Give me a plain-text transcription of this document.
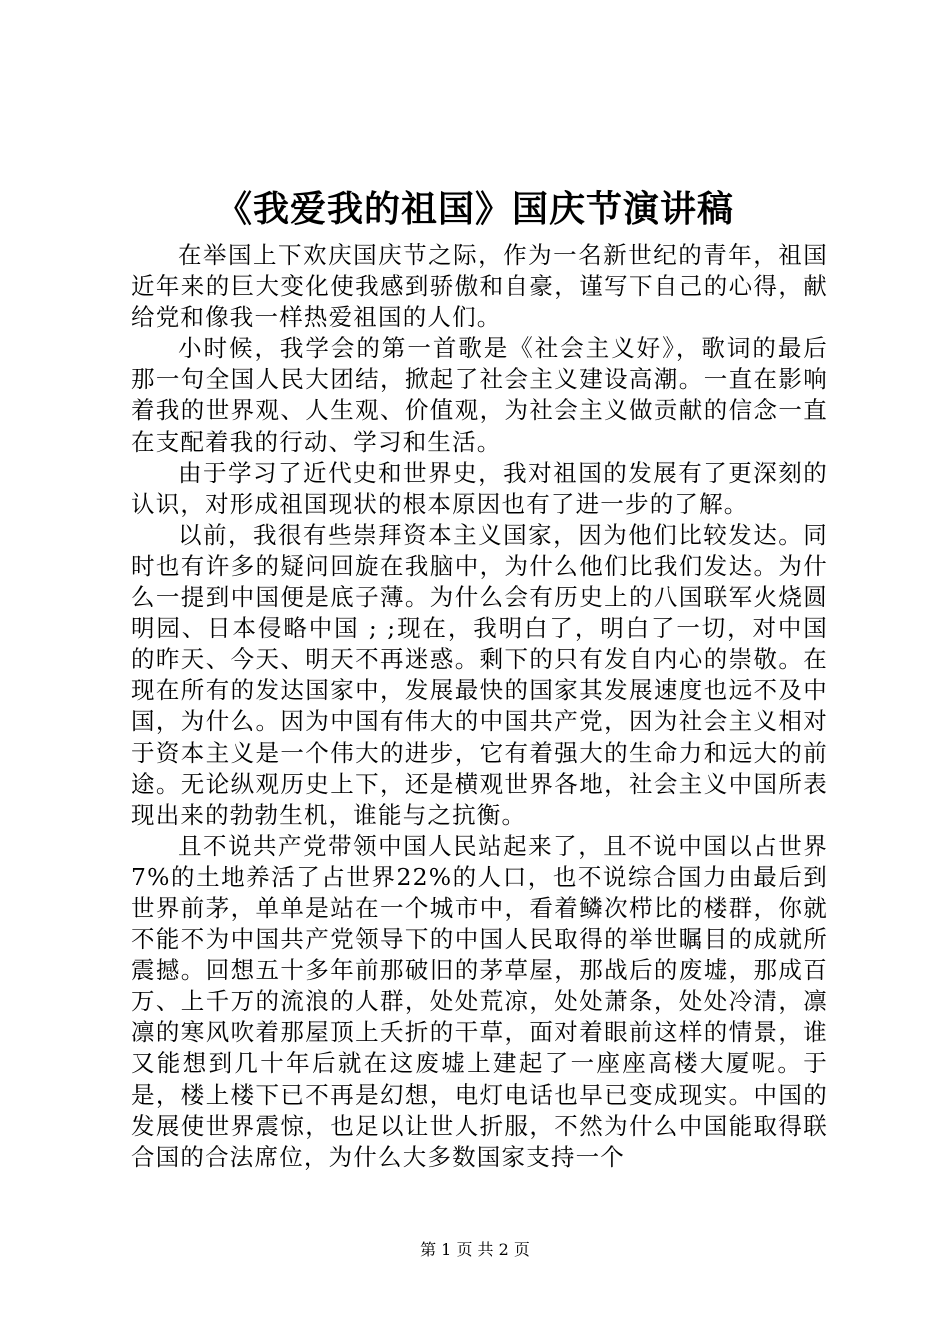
《我爱我的祖国》国庆节演讲稿

在举国上下欢庆国庆节之际，作为一名新世纪的青年，祖国近年来的巨大变化使我感到骄傲和自豪，谨写下自己的心得，献给党和像我一样热爱祖国的人们。

小时候，我学会的第一首歌是《社会主义好》，歌词的最后那一句全国人民大团结，掀起了社会主义建设高潮。一直在影响着我的世界观、人生观、价值观，为社会主义做贡献的信念一直在支配着我的行动、学习和生活。

由于学习了近代史和世界史，我对祖国的发展有了更深刻的认识，对形成祖国现状的根本原因也有了进一步的了解。

以前，我很有些崇拜资本主义国家，因为他们比较发达。同时也有许多的疑问回旋在我脑中，为什么他们比我们发达。为什么一提到中国便是底子薄。为什么会有历史上的八国联军火烧圆明园、日本侵略中国 ; ;现在，我明白了，明白了一切，对中国的昨天、今天、明天不再迷惑。剩下的只有发自内心的崇敬。在现在所有的发达国家中，发展最快的国家其发展速度也远不及中国，为什么。因为中国有伟大的中国共产党，因为社会主义相对于资本主义是一个伟大的进步，它有着强大的生命力和远大的前途。无论纵观历史上下，还是横观世界各地，社会主义中国所表现出来的勃勃生机，谁能与之抗衡。

且不说共产党带领中国人民站起来了，且不说中国以占世界7%的土地养活了占世界22%的人口，也不说综合国力由最后到世界前茅，单单是站在一个城市中，看着鳞次栉比的楼群，你就不能不为中国共产党领导下的中国人民取得的举世瞩目的成就所震撼。回想五十多年前那破旧的茅草屋，那战后的废墟，那成百万、上千万的流浪的人群，处处荒凉，处处萧条，处处冷清，凛凛的寒风吹着那屋顶上夭折的干草，面对着眼前这样的情景，谁又能想到几十年后就在这废墟上建起了一座座高楼大厦呢。于是，楼上楼下已不再是幻想，电灯电话也早已变成现实。中国的发展使世界震惊，也足以让世人折服，不然为什么中国能取得联合国的合法席位，为什么大多数国家支持一个

第 1 页 共 2 页
